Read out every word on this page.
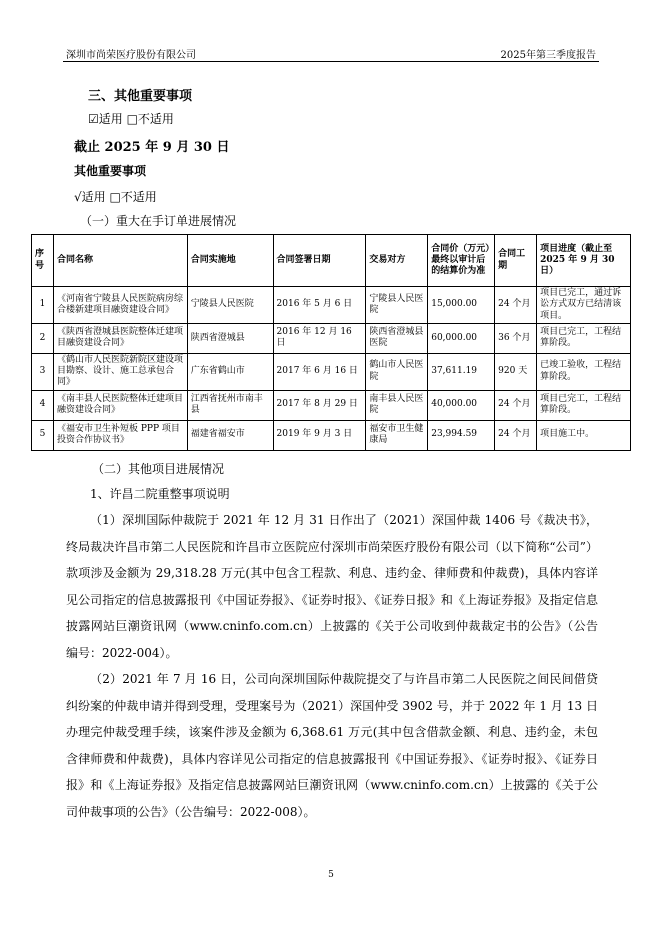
深圳市尚荣医疗股份有限公司	2025年第三季度报告
三、其他重要事项
☑适用 □不适用
截止 2025 年 9 月 30 日
其他重要事项
√适用 □不适用
（一）重大在手订单进展情况
序号	合同名称	合同实施地	合同签署日期	交易对方	合同价（万元）最终以审计后的结算价为准	合同工期	项目进度（截止至 2025 年 9 月 30 日）
1	《河南省宁陵县人民医院病房综合楼新建项目融资建设合同》	宁陵县人民医院	2016 年 5 月 6 日	宁陵县人民医院	15,000.00	24 个月	项目已完工，通过诉讼方式双方已结清该项目。
2	《陕西省澄城县医院整体迁建项目融资建设合同》	陕西省澄城县	2016 年 12 月 16 日	陕西省澄城县医院	60,000.00	36 个月	项目已完工，工程结算阶段。
3	《鹤山市人民医院新院区建设项目勘察、设计、施工总承包合同》	广东省鹤山市	2017 年 6 月 16 日	鹤山市人民医院	37,611.19	920 天	已竣工验收，工程结算阶段。
4	《南丰县人民医院整体迁建项目融资建设合同》	江西省抚州市南丰县	2017 年 8 月 29 日	南丰县人民医院	40,000.00	24 个月	项目已完工，工程结算阶段。
5	《福安市卫生补短板 PPP 项目投资合作协议书》	福建省福安市	2019 年 9 月 3 日	福安市卫生健康局	23,994.59	24 个月	项目施工中。
（二）其他项目进展情况
1、许昌二院重整事项说明
（1）深圳国际仲裁院于 2021 年 12 月 31 日作出了（2021）深国仲裁 1406 号《裁决书》，终局裁决许昌市第二人民医院和许昌市立医院应付深圳市尚荣医疗股份有限公司（以下简称“公司”）款项涉及金额为 29,318.28 万元(其中包含工程款、利息、违约金、律师费和仲裁费)，具体内容详见公司指定的信息披露报刊《中国证券报》、《证券时报》、《证券日报》和《上海证券报》及指定信息披露网站巨潮资讯网（www.cninfo.com.cn）上披露的《关于公司收到仲裁裁定书的公告》（公告编号：2022-004）。
（2）2021 年 7 月 16 日，公司向深圳国际仲裁院提交了与许昌市第二人民医院之间民间借贷纠纷案的仲裁申请并得到受理，受理案号为（2021）深国仲受 3902 号，并于 2022 年 1 月 13 日办理完仲裁受理手续，该案件涉及金额为 6,368.61 万元(其中包含借款金额、利息、违约金，未包含律师费和仲裁费)，具体内容详见公司指定的信息披露报刊《中国证券报》、《证券时报》、《证券日报》和《上海证券报》及指定信息披露网站巨潮资讯网（www.cninfo.com.cn）上披露的《关于公司仲裁事项的公告》（公告编号：2022-008）。
5
